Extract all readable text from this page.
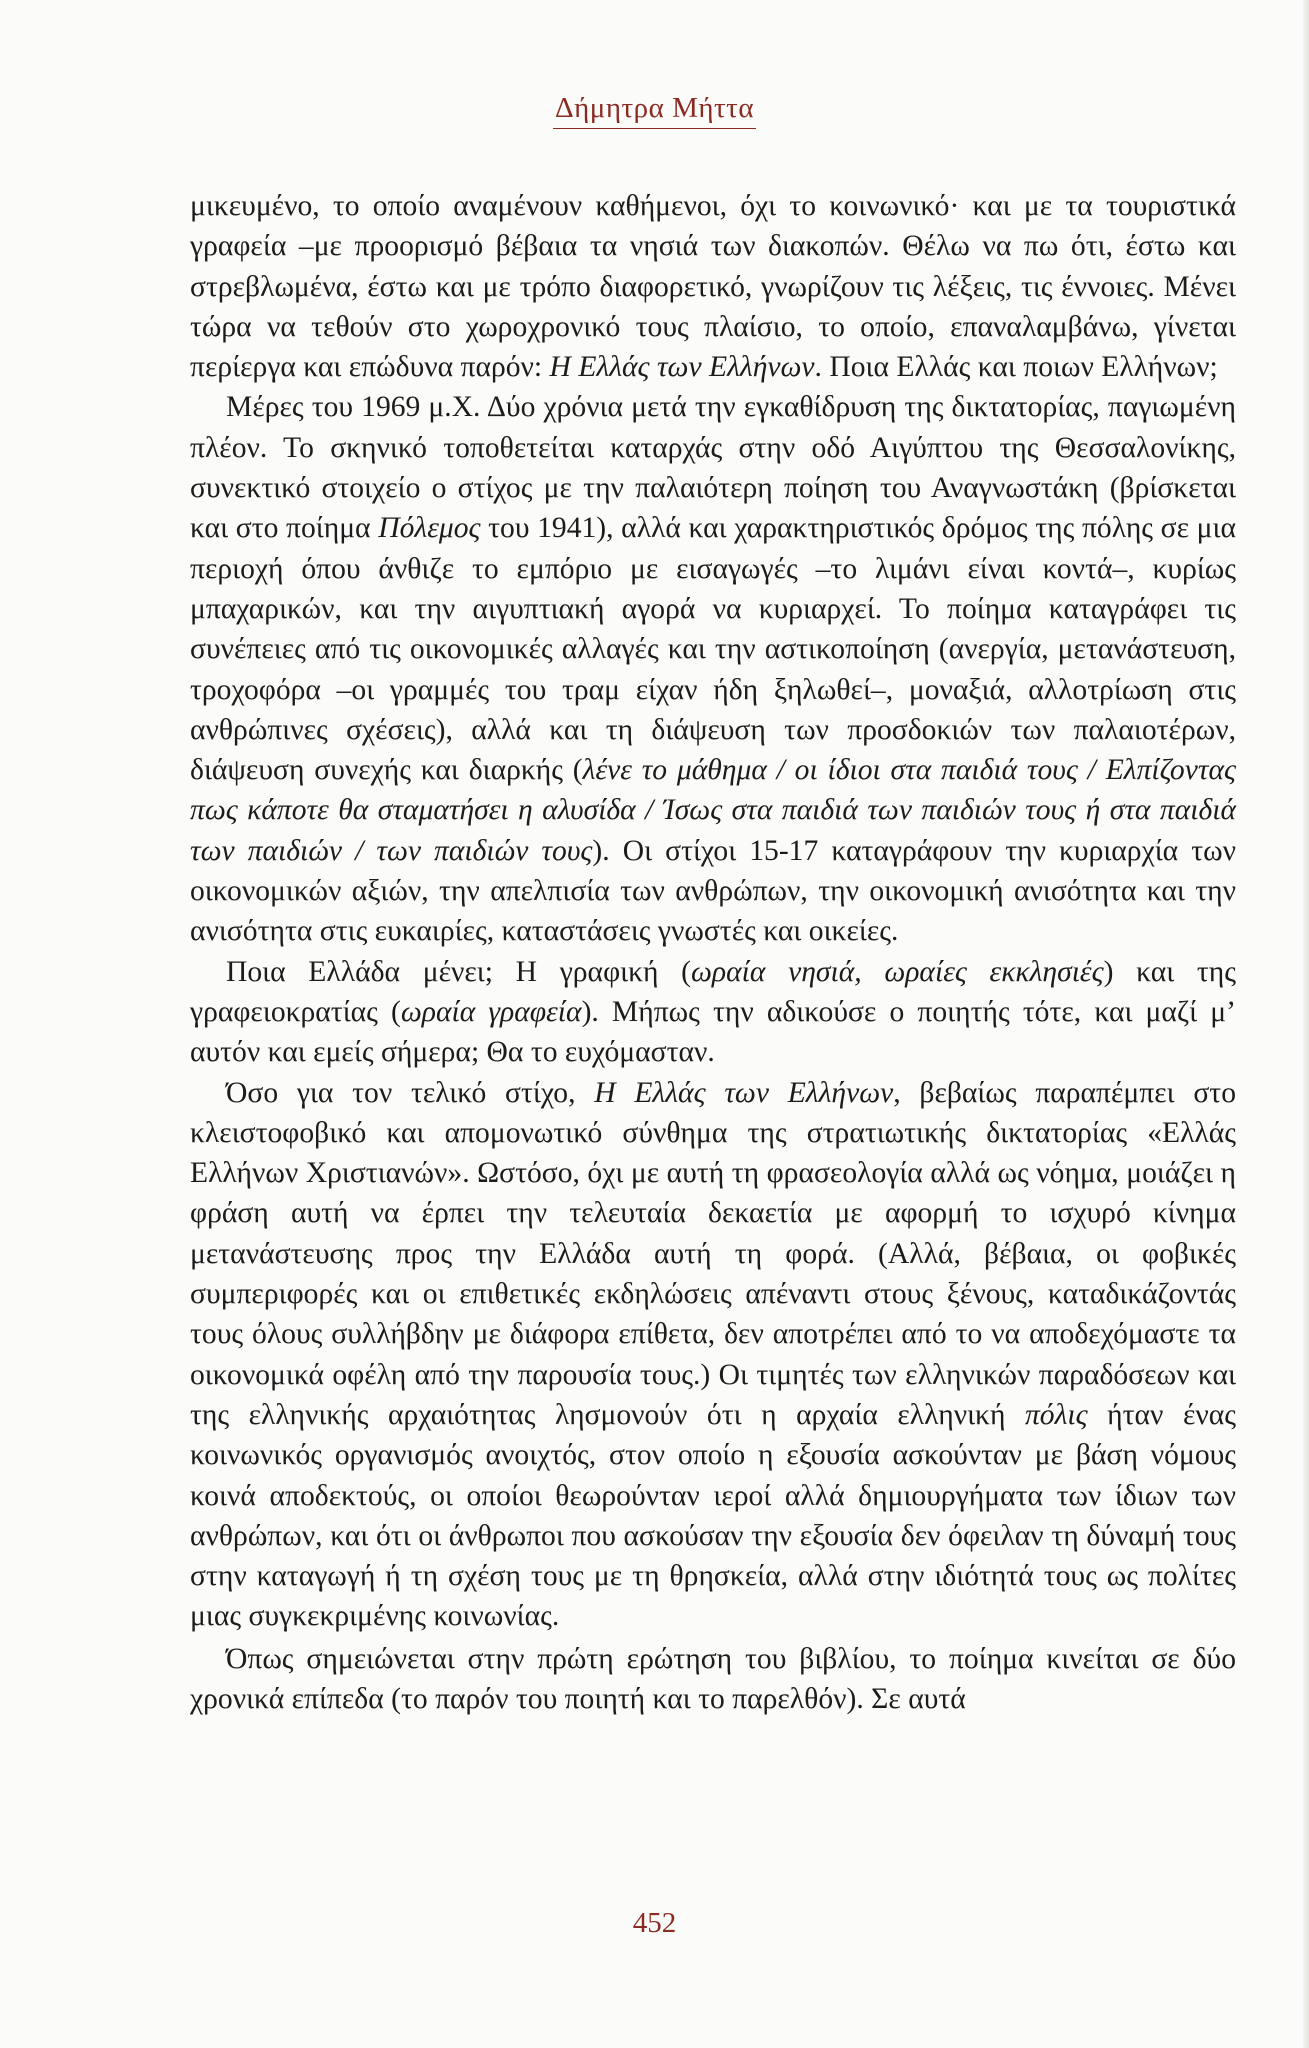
Δήμητρα Μήττα

μικευμένο, το οποίο αναμένουν καθήμενοι, όχι το κοινωνικό· και με τα τουριστικά γραφεία –με προορισμό βέβαια τα νησιά των διακοπών. Θέλω να πω ότι, έστω και στρεβλωμένα, έστω και με τρόπο διαφορετικό, γνωρίζουν τις λέξεις, τις έννοιες. Μένει τώρα να τεθούν στο χωροχρονικό τους πλαίσιο, το οποίο, επαναλαμβάνω, γίνεται περίεργα και επώδυνα παρόν: Η Ελλάς των Ελλήνων. Ποια Ελλάς και ποιων Ελλήνων;

Μέρες του 1969 μ.Χ. Δύο χρόνια μετά την εγκαθίδρυση της δικτατορίας, παγιωμένη πλέον. Το σκηνικό τοποθετείται καταρχάς στην οδό Αιγύπτου της Θεσσαλονίκης, συνεκτικό στοιχείο ο στίχος με την παλαιότερη ποίηση του Αναγνωστάκη (βρίσκεται και στο ποίημα Πόλεμος του 1941), αλλά και χαρακτηριστικός δρόμος της πόλης σε μια περιοχή όπου άνθιζε το εμπόριο με εισαγωγές –το λιμάνι είναι κοντά–, κυρίως μπαχαρικών, και την αιγυπτιακή αγορά να κυριαρχεί. Το ποίημα καταγράφει τις συνέπειες από τις οικονομικές αλλαγές και την αστικοποίηση (ανεργία, μετανάστευση, τροχοφόρα –οι γραμμές του τραμ είχαν ήδη ξηλωθεί–, μοναξιά, αλλοτρίωση στις ανθρώπινες σχέσεις), αλλά και τη διάψευση των προσδοκιών των παλαιοτέρων, διάψευση συνεχής και διαρκής (λένε το μάθημα / οι ίδιοι στα παιδιά τους / Ελπίζοντας πως κάποτε θα σταματήσει η αλυσίδα / Ίσως στα παιδιά των παιδιών τους ή στα παιδιά των παιδιών / των παιδιών τους). Οι στίχοι 15-17 καταγράφουν την κυριαρχία των οικονομικών αξιών, την απελπισία των ανθρώπων, την οικονομική ανισότητα και την ανισότητα στις ευκαιρίες, καταστάσεις γνωστές και οικείες.

Ποια Ελλάδα μένει; Η γραφική (ωραία νησιά, ωραίες εκκλησιές) και της γραφειοκρατίας (ωραία γραφεία). Μήπως την αδικούσε ο ποιητής τότε, και μαζί μ’ αυτόν και εμείς σήμερα; Θα το ευχόμασταν.

Όσο για τον τελικό στίχο, Η Ελλάς των Ελλήνων, βεβαίως παραπέμπει στο κλειστοφοβικό και απομονωτικό σύνθημα της στρατιωτικής δικτατορίας «Ελλάς Ελλήνων Χριστιανών». Ωστόσο, όχι με αυτή τη φρασεολογία αλλά ως νόημα, μοιάζει η φράση αυτή να έρπει την τελευταία δεκαετία με αφορμή το ισχυρό κίνημα μετανάστευσης προς την Ελλάδα αυτή τη φορά. (Αλλά, βέβαια, οι φοβικές συμπεριφορές και οι επιθετικές εκδηλώσεις απέναντι στους ξένους, καταδικάζοντάς τους όλους συλλήβδην με διάφορα επίθετα, δεν αποτρέπει από το να αποδεχόμαστε τα οικονομικά οφέλη από την παρουσία τους.) Οι τιμητές των ελληνικών παραδόσεων και της ελληνικής αρχαιότητας λησμονούν ότι η αρχαία ελληνική πόλις ήταν ένας κοινωνικός οργανισμός ανοιχτός, στον οποίο η εξουσία ασκούνταν με βάση νόμους κοινά αποδεκτούς, οι οποίοι θεωρούνταν ιεροί αλλά δημιουργήματα των ίδιων των ανθρώπων, και ότι οι άνθρωποι που ασκούσαν την εξουσία δεν όφειλαν τη δύναμή τους στην καταγωγή ή τη σχέση τους με τη θρησκεία, αλλά στην ιδιότητά τους ως πολίτες μιας συγκεκριμένης κοινωνίας.

Όπως σημειώνεται στην πρώτη ερώτηση του βιβλίου, το ποίημα κινείται σε δύο χρονικά επίπεδα (το παρόν του ποιητή και το παρελθόν). Σε αυτά

452
